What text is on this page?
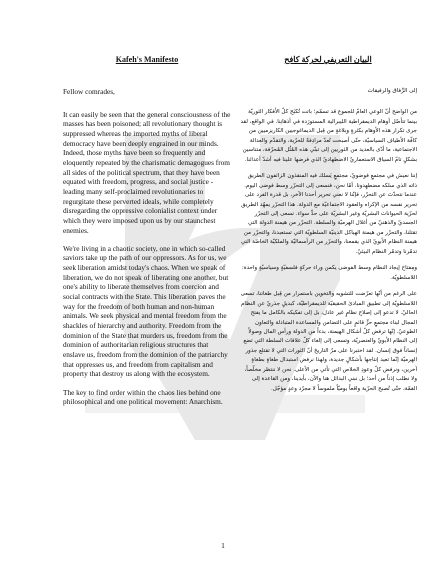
Kafeh's Manifesto

Fellow comrades,

It can easily be seen that the general consciousness of the masses has been poisoned; all revolutionary thought is suppressed whereas the imported myths of liberal democracy have been deeply engrained in our minds. Indeed, those myths have been so frequently and eloquently repeated by the charismatic demagogues from all sides of the political spectrum, that they have been equated with freedom, progress, and social justice - leading many self-proclaimed revolutionaries to regurgitate these perverted ideals, while completely disregarding the oppressive colonialist context under which they were imposed upon us by our staunchest enemies.

We're living in a chaotic society, one in which so-called saviors take up the path of our oppressors. As for us, we seek liberation amidst today's chaos. When we speak of liberation, we do not speak of liberating one another, but one's ability to liberate themselves from coercion and social contracts with the State. This liberation paves the way for the freedom of both human and non-human animals. We seek physical and mental freedom from the shackles of hierarchy and authority. Freedom from the dominion of the State that murders us, freedom from the dominion of authoritarian religious structures that enslave us, freedom from the dominion of the patriarchy that oppresses us, and freedom from capitalism and property that destroy us along with the ecosystem.

The key to find order within the chaos lies behind one philosophical and one political movement: Anarchism.

البيان التعريفي لحركة كافح

إلى الرِّفاق والرفيقات

من الواضح أنّ الوعي العامّ للجموع قد تسمّم؛ باتت تُكبَح كلّ الأفكار الثوريّة بينما تتأصّل أوهام الديمقراطية الليبرالية المستورَدة في أذهانِنا. في الواقع، لقد جرى تكرار هذه الأوهام بكثرةٍ وبلاغةٍ من قِبل الديماغوجيين الكاريزميين من كافّة الأطياف السياسيّة، حتّى أصبحت تُعدّ مرادِفةً للحرّية، والتقدّم والعدالة الاجتماعية، ما أدّى بالعديد من الثوريين إلى تبنّي هذه المُثُل المُحرّفة، متناسين بشكلٍ تامّ السياق الاستعماريّ الاضطهاديّ الذي فرضها علينا فيه أشدّ أعدائنا.

إننا نعيش في مجتمعٍ فوضويّ، مجتمعٍ يَسلك فيه المنقذون الزائفون الطريق ذاته الذي سلكه مضطهِدونا. أمّا نحن، فنسعى إلى التحرّر وسط فوضى اليوم. عندما نتحدّث عن التحرّر، فإنّنا لا نعني تحرير أحدنا الآخر، بل قدرة الفرد على تحرير نفسه من الإكراه والعقود الاجتماعيّة مع الدولة. هذا التحرّر يمهّد الطريق لحرّية الحيوانات البشريّة وغير البشريّة على حدٍّ سواء. نسعى إلى التحرّر الجسديّ والذهنيّ من أغلال الهرميّة والسلطة. التحرّر من هيمنة الدولة التي تقتلنا، والتحرّر من هيمنة الهياكل الدينيّة السلطويّة التي تستعبدنا، والتحرّر من هيمنة النظام الأبويّ الذي يقمعنا، والتحرّر من الرأسماليّة والملكيّة الخاصّة التي تدمّرنا وتدمّر النظام البيئيّ.

ومِفتاح إيجاد النظام وسط الفوضى يكمن وراء حركةٍ فلسفيّةٍ وسياسيّةٍ واحدة: اللاسلطويّة.

على الرغم من أنّها تعرّضت للتشويه والتخوين باستمرار من قِبل طغاتنا، تسعى اللاسلطويّة إلى تطبيق المبادئ الحقيقيّة للديمقراطيّة، كبديلٍ جذريّ عن النظام الحاليّ. لا تدعو إلى إصلاح نظامٍ غير عادل، بل إلى تفكيكه بالكامل ما يفتح المجال لبناء مجتمعٍ حرٍّ قائمٍ على التضامن والمساعدة المتبادلة والتعاون الطوعيّ. إنّها ترفض كلّ أشكال الهيمنة، بدءاً من الدولة ورأس المال وصولاً إلى النظام الأبويّ والعنصريّة، وتسعى إلى إلغاء كلّ علاقات السلطة التي تضع إنساناً فوق إنسان. لقد اختبرنا على مرّ التاريخ أنّ الثورات التي لا تقتلع جذور الهرميّة إنّما تعيد إنتاجها بأشكالٍ جديدة، ولهذا نرفض استبدال طغاةٍ بطغاةٍ آخرين، ونرفض كلّ وعودِ الخلاص التي تأتي من الأعلى. نحن لا ننتظر مخلّصاً، ولا نطلب إذناً من أحد؛ بل نبني البدائل هنا والآن، بأيدينا، ومن القاعدة إلى القمّة، حتّى تُصبح الحرّية واقعاً يوميّاً ملموساً لا مجرّد وعدٍ مؤجّل.

1
